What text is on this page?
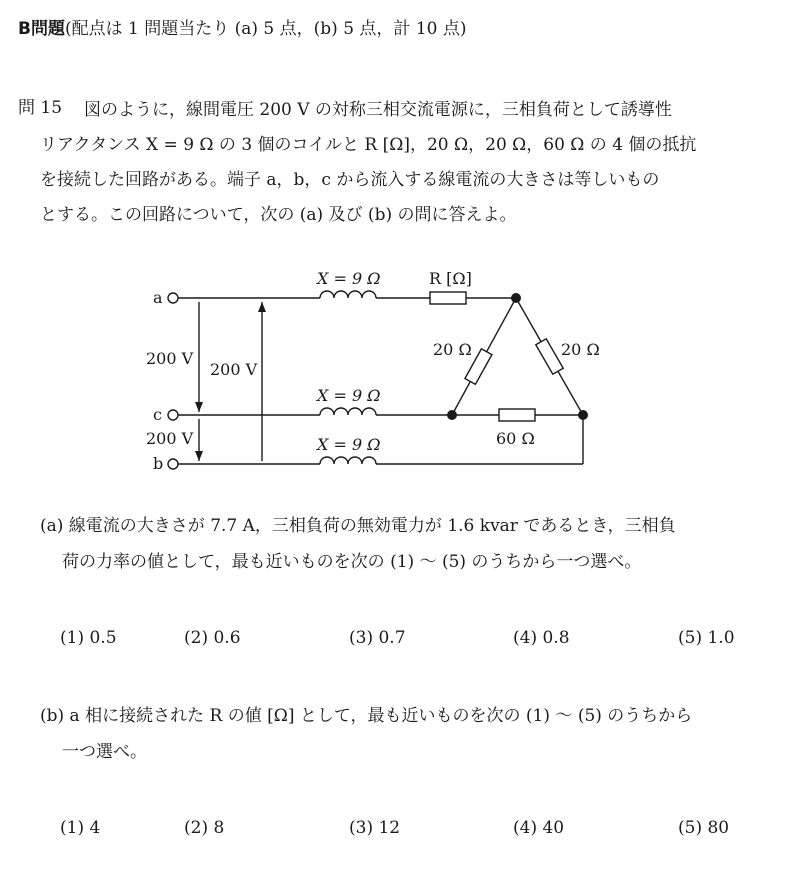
B問題(配点は 1 問題当たり (a) 5 点，(b) 5 点，計 10 点)
問 15	図のように，線間電圧 200 V の対称三相交流電源に，三相負荷として誘導性
リアクタンス X = 9 Ω の 3 個のコイルと R [Ω]，20 Ω，20 Ω，60 Ω の 4 個の抵抗
を接続した回路がある。端子 a，b，c から流入する線電流の大きさは等しいもの
とする。この回路について，次の (a) 及び (b) の問に答えよ。
a
c
b
200 V
200 V
200 V
X = 9 Ω
X = 9 Ω
X = 9 Ω
R [Ω]
20 Ω	20 Ω
60 Ω
(a) 線電流の大きさが 7.7 A，三相負荷の無効電力が 1.6 kvar であるとき，三相負
荷の力率の値として，最も近いものを次の (1) ～ (5) のうちから一つ選べ。
(1) 0.5	(2) 0.6	(3) 0.7	(4) 0.8	(5) 1.0
(b) a 相に接続された R の値 [Ω] として，最も近いものを次の (1) ～ (5) のうちから
一つ選べ。
(1) 4	(2) 8	(3) 12	(4) 40	(5) 80
